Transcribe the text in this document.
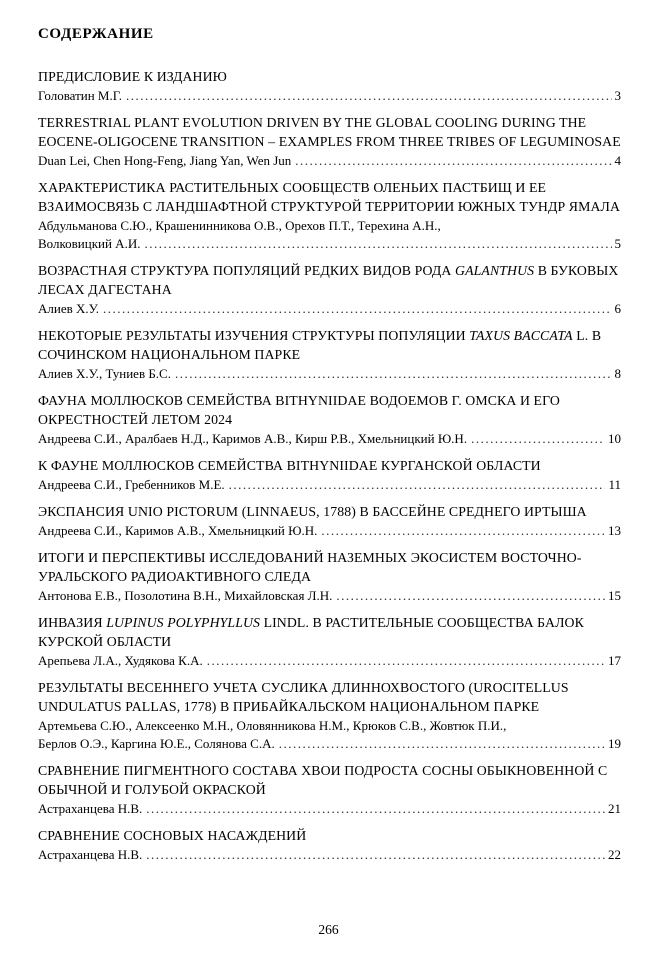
СОДЕРЖАНИЕ
ПРЕДИСЛОВИЕ К ИЗДАНИЮ
Головатин М.Г. .....	3
TERRESTRIAL PLANT EVOLUTION DRIVEN BY THE GLOBAL COOLING DURING THE EOCENE-OLIGOCENE TRANSITION – EXAMPLES FROM THREE TRIBES OF LEGUMINOSAE
Duan Lei, Chen Hong-Feng, Jiang Yan, Wen Jun .....	4
ХАРАКТЕРИСТИКА РАСТИТЕЛЬНЫХ СООБЩЕСТВ ОЛЕНЬИХ ПАСТБИЩ И ЕЕ ВЗАИМОСВЯЗЬ С ЛАНДШАФТНОЙ СТРУКТУРОЙ ТЕРРИТОРИИ ЮЖНЫХ ТУНДР ЯМАЛА
Абдульманова С.Ю., Крашенинникова О.В., Орехов П.Т., Терехина А.Н.,
Волковицкий А.И. .....	5
ВОЗРАСТНАЯ СТРУКТУРА ПОПУЛЯЦИЙ РЕДКИХ ВИДОВ РОДА GALANTHUS В БУКОВЫХ ЛЕСАХ ДАГЕСТАНА
Алиев Х.У. .....	6
НЕКОТОРЫЕ РЕЗУЛЬТАТЫ ИЗУЧЕНИЯ СТРУКТУРЫ ПОПУЛЯЦИИ TAXUS BACCATA L. В СОЧИНСКОМ НАЦИОНАЛЬНОМ ПАРКЕ
Алиев Х.У., Туниев Б.С. .....	8
ФАУНА МОЛЛЮСКОВ СЕМЕЙСТВА BITHYNIIDAE ВОДОЕМОВ Г. ОМСКА И ЕГО ОКРЕСТНОСТЕЙ ЛЕТОМ 2024
Андреева С.И., Аралбаев Н.Д., Каримов А.В., Кирш Р.В., Хмельницкий Ю.Н. .....	10
К ФАУНЕ МОЛЛЮСКОВ СЕМЕЙСТВА BITHYNIIDAE КУРГАНСКОЙ ОБЛАСТИ
Андреева С.И., Гребенников М.Е. .....	11
ЭКСПАНСИЯ UNIO PICTORUM (LINNAEUS, 1788) В БАССЕЙНЕ СРЕДНЕГО ИРТЫША
Андреева С.И., Каримов А.В., Хмельницкий Ю.Н. .....	13
ИТОГИ И ПЕРСПЕКТИВЫ ИССЛЕДОВАНИЙ НАЗЕМНЫХ ЭКОСИСТЕМ ВОСТОЧНО-УРАЛЬСКОГО РАДИОАКТИВНОГО СЛЕДА
Антонова Е.В., Позолотина В.Н., Михайловская Л.Н. .....	15
ИНВАЗИЯ LUPINUS POLYPHYLLUS LINDL. В РАСТИТЕЛЬНЫЕ СООБЩЕСТВА БАЛОК КУРСКОЙ ОБЛАСТИ
Арепьева Л.А., Худякова К.А. .....	17
РЕЗУЛЬТАТЫ ВЕСЕННЕГО УЧЕТА СУСЛИКА ДЛИННОХВОСТОГО (UROCITELLUS UNDULATUS PALLAS, 1778) В ПРИБАЙКАЛЬСКОМ НАЦИОНАЛЬНОМ ПАРКЕ
Артемьева С.Ю., Алексеенко М.Н., Оловянникова Н.М., Крюков С.В., Жовтюк П.И.,
Берлов О.Э., Каргина Ю.Е., Солянова С.А. .....	19
СРАВНЕНИЕ ПИГМЕНТНОГО СОСТАВА ХВОИ ПОДРОСТА СОСНЫ ОБЫКНОВЕННОЙ С ОБЫЧНОЙ И ГОЛУБОЙ ОКРАСКОЙ
Астраханцева Н.В. .....	21
СРАВНЕНИЕ СОСНОВЫХ НАСАЖДЕНИЙ
Астраханцева Н.В. .....	22
266
